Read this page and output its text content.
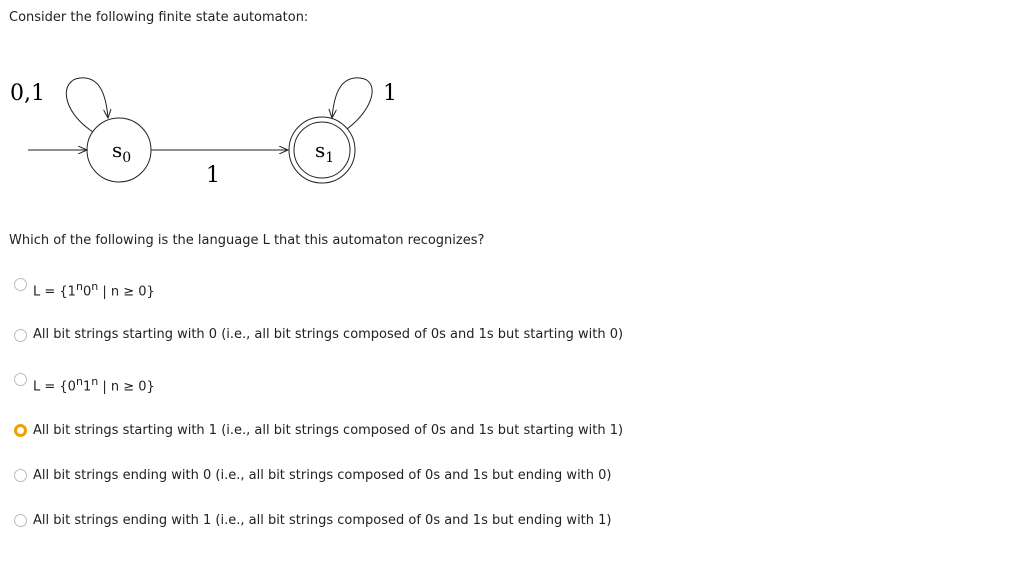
Consider the following finite state automaton:
0,1
$s_0$	$s_1$
1
1
Which of the following is the language L that this automaton recognizes?
$L = \{1^n0^n$ | n ≥ 0}
All bit strings starting with 0 (i.e., all bit strings composed of 0s and 1s but starting with 0)
$L = \{0^n1^n$ | n ≥ 0}
All bit strings starting with 1 (i.e., all bit strings composed of 0s and 1s but starting with 1)
All bit strings ending with 0 (i.e., all bit strings composed of 0s and 1s but ending with 0)
All bit strings ending with 1 (i.e., all bit strings composed of 0s and 1s but ending with 1)
